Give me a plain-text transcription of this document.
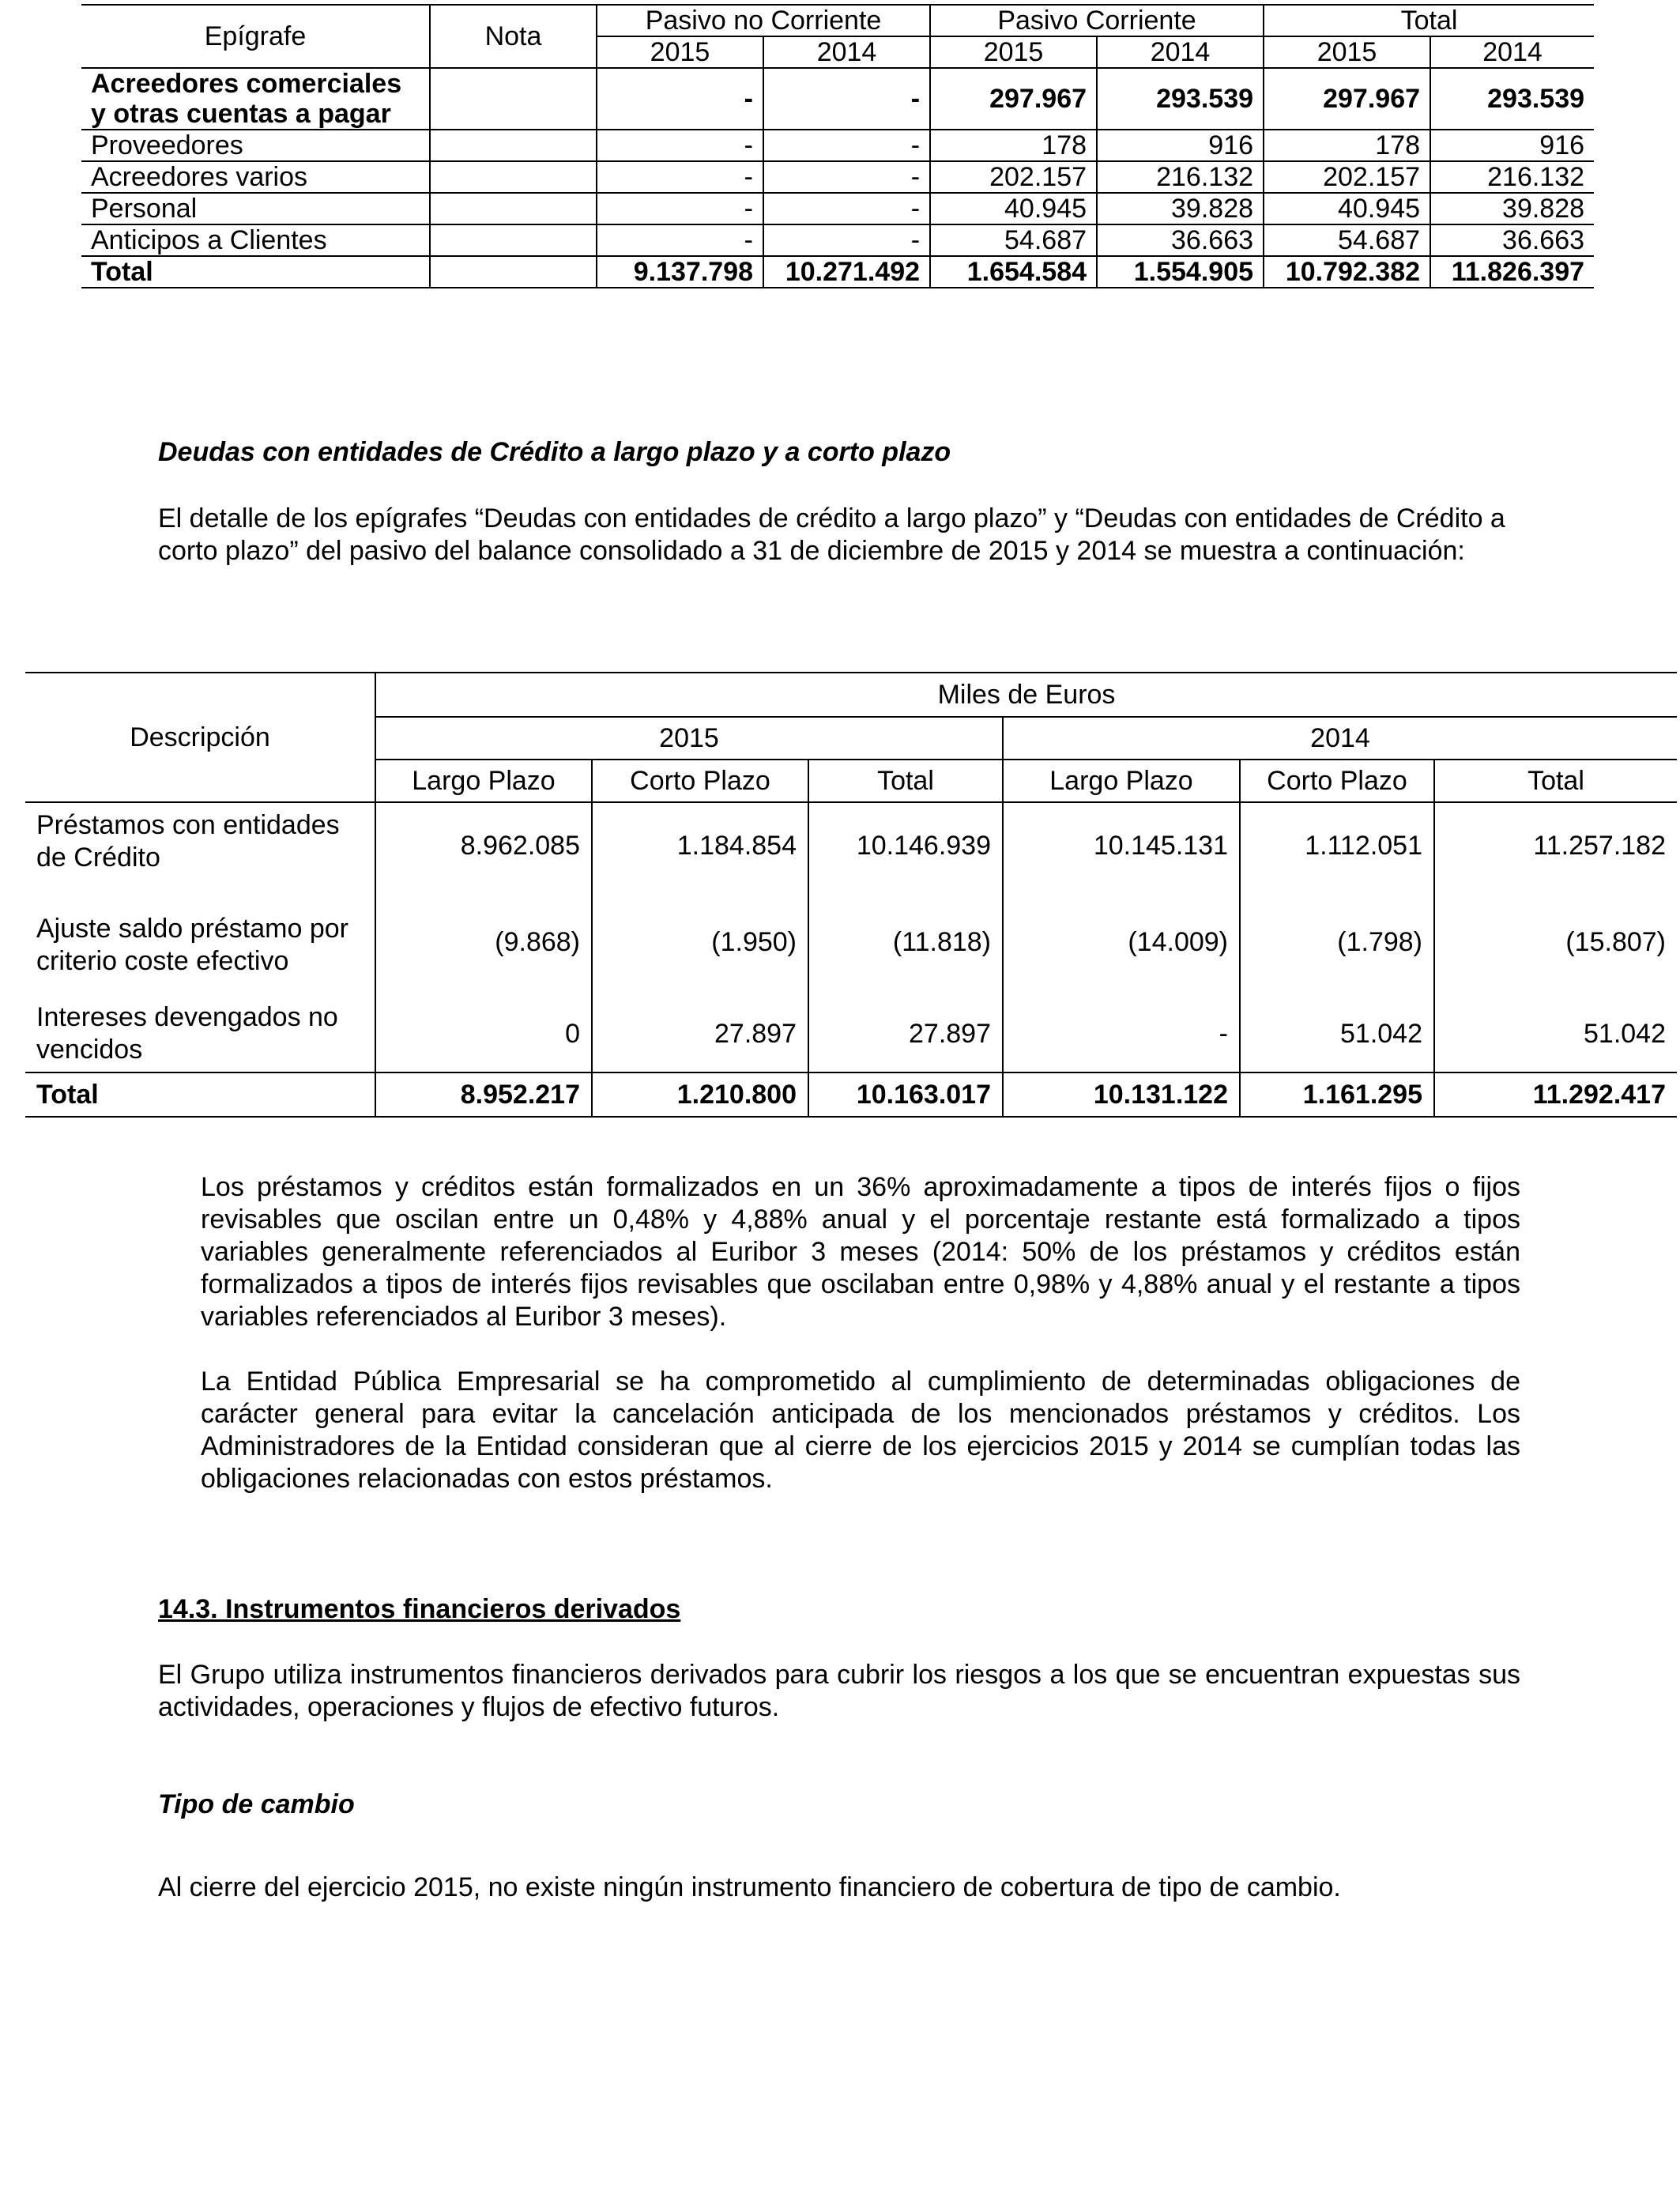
Epígrafe	Nota	Pasivo no Corriente		Pasivo Corriente		Total	
		2015	2014	2015	2014	2015	2014
Acreedores comerciales y otras cuentas a pagar		-	-	297.967	293.539	297.967	293.539
Proveedores		-	-	178	916	178	916
Acreedores varios		-	-	202.157	216.132	202.157	216.132
Personal		-	-	40.945	39.828	40.945	39.828
Anticipos a Clientes		-	-	54.687	36.663	54.687	36.663
Total		9.137.798	10.271.492	1.654.584	1.554.905	10.792.382	11.826.397
Deudas con entidades de Crédito a largo plazo y a corto plazo
El detalle de los epígrafes “Deudas con entidades de crédito a largo plazo” y “Deudas con entidades de Crédito a corto plazo” del pasivo del balance consolidado a 31 de diciembre de 2015 y 2014 se muestra a continuación:
Descripción	Miles de Euros					
	2015			2014		
	Largo Plazo	Corto Plazo	Total	Largo Plazo	Corto Plazo	Total
Préstamos con entidades de Crédito	8.962.085	1.184.854	10.146.939	10.145.131	1.112.051	11.257.182
Ajuste saldo préstamo por criterio coste efectivo	(9.868)	(1.950)	(11.818)	(14.009)	(1.798)	(15.807)
Intereses devengados no vencidos	0	27.897	27.897	-	51.042	51.042
Total	8.952.217	1.210.800	10.163.017	10.131.122	1.161.295	11.292.417
Los préstamos y créditos están formalizados en un 36% aproximadamente a tipos de interés fijos o fijos revisables que oscilan entre un 0,48% y 4,88% anual y el porcentaje restante está formalizado a tipos variables generalmente referenciados al Euribor 3 meses (2014: 50% de los préstamos y créditos están formalizados a tipos de interés fijos revisables que oscilaban entre 0,98% y 4,88% anual y el restante a tipos variables referenciados al Euribor 3 meses).
La Entidad Pública Empresarial se ha comprometido al cumplimiento de determinadas obligaciones de carácter general para evitar la cancelación anticipada de los mencionados préstamos y créditos. Los Administradores de la Entidad consideran que al cierre de los ejercicios 2015 y 2014 se cumplían todas las obligaciones relacionadas con estos préstamos.
14.3. Instrumentos financieros derivados
El Grupo utiliza instrumentos financieros derivados para cubrir los riesgos a los que se encuentran expuestas sus actividades, operaciones y flujos de efectivo futuros.
Tipo de cambio
Al cierre del ejercicio 2015, no existe ningún instrumento financiero de cobertura de tipo de cambio.
